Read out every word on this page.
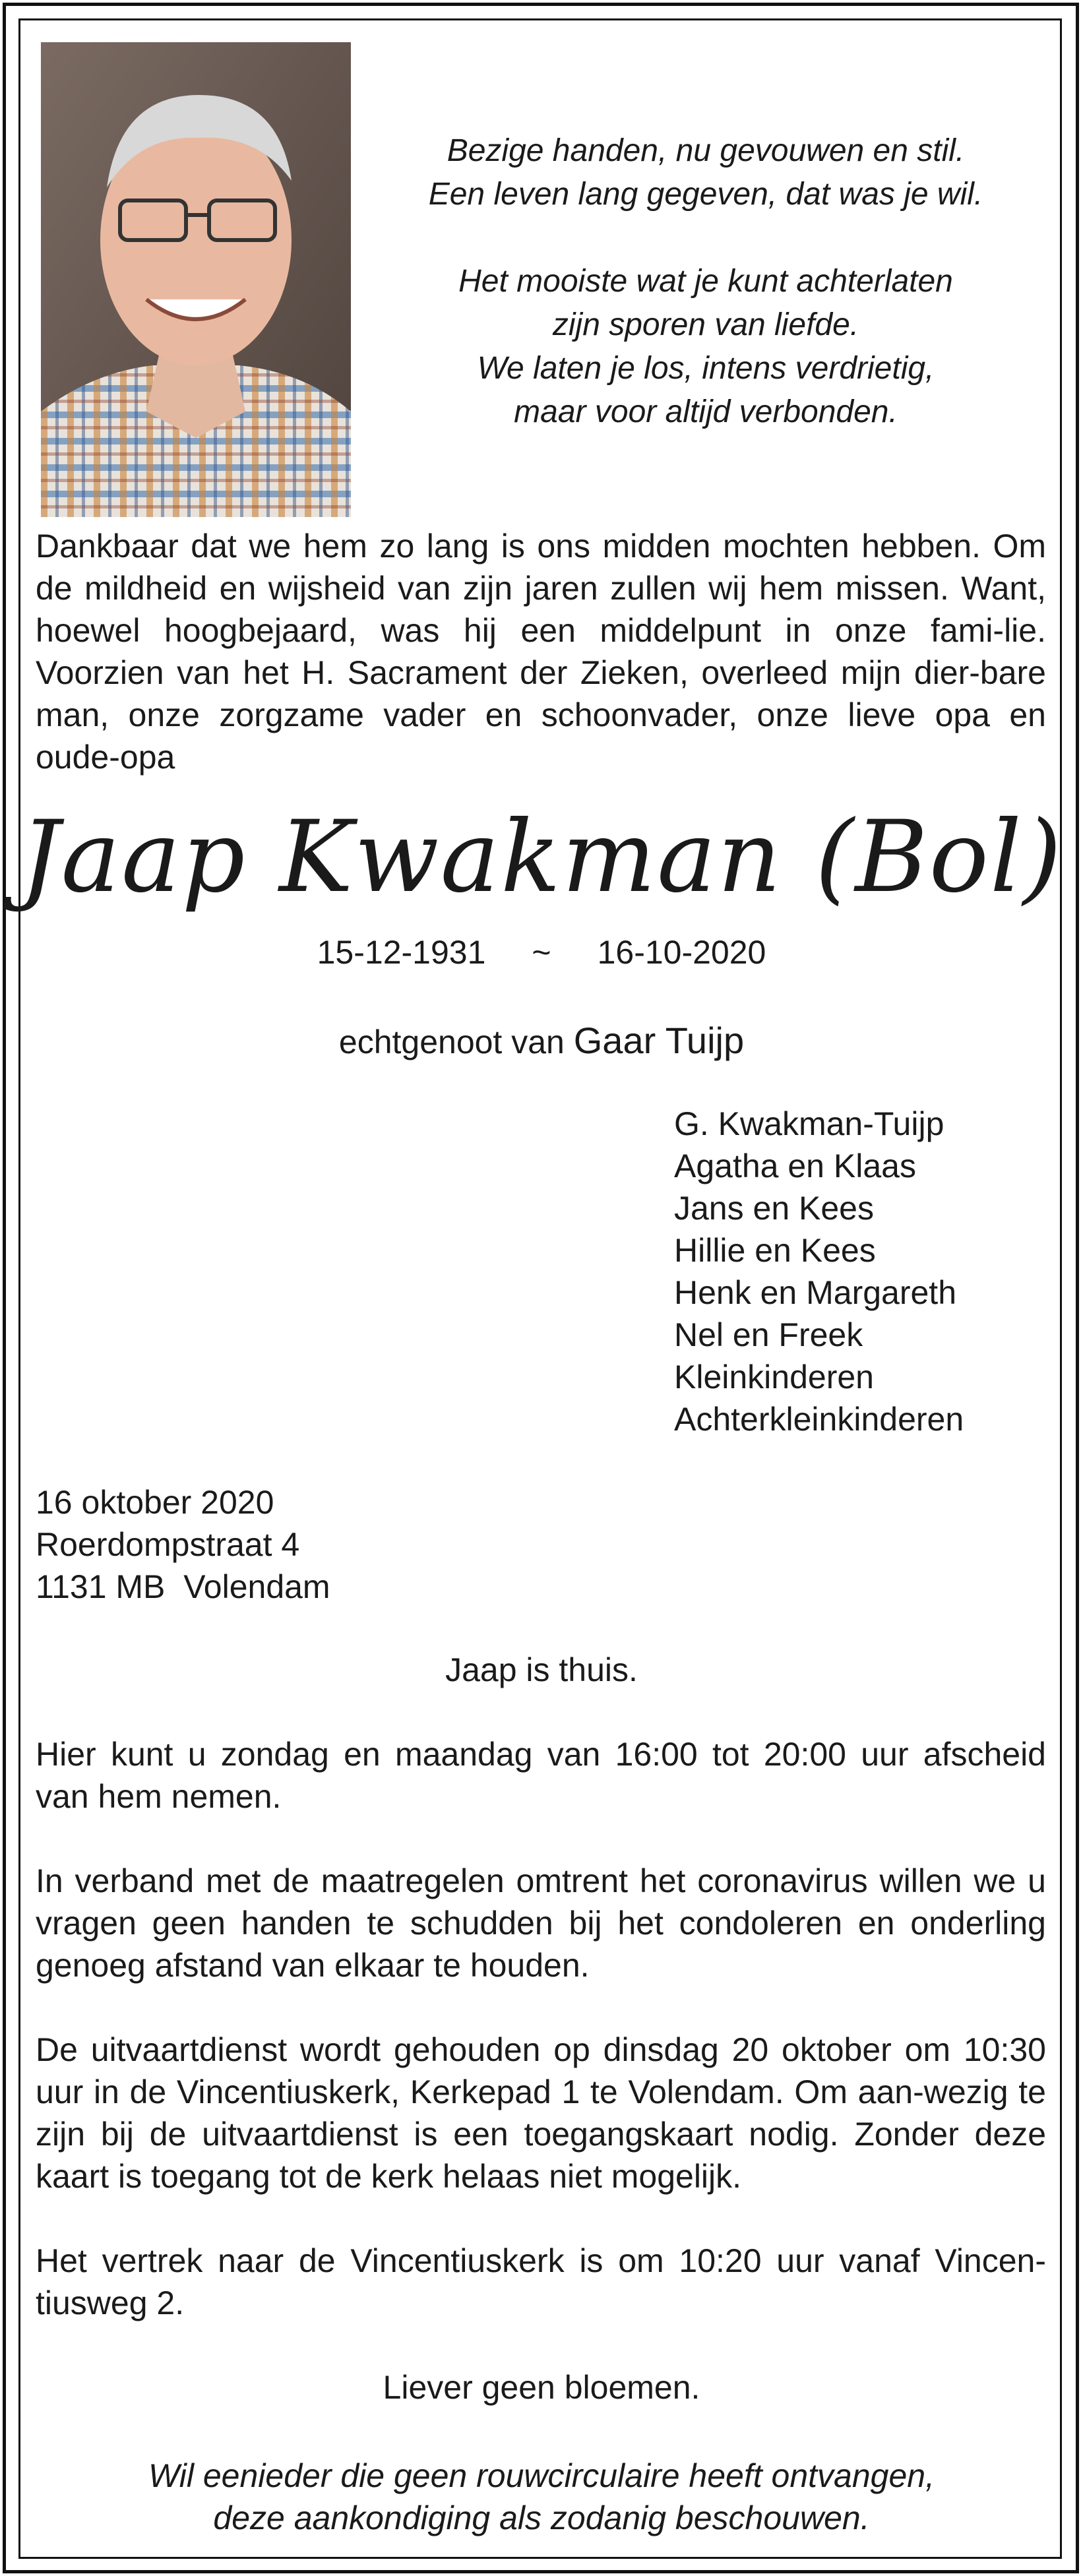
Bezige handen, nu gevouwen en stil.

Een leven lang gegeven, dat was je wil.

Het mooiste wat je kunt achterlaten

zijn sporen van liefde.

We laten je los, intens verdrietig,

maar voor altijd verbonden.

Dankbaar dat we hem zo lang is ons midden mochten hebben. Om de mildheid en wijsheid van zijn jaren zullen wij hem missen. Want, hoewel hoogbejaard, was hij een middelpunt in onze fami-lie. Voorzien van het H. Sacrament der Zieken, overleed mijn dier-bare man, onze zorgzame vader en schoonvader, onze lieve opa en oude-opa
Jaap Kwakman (Bol)
15-12-1931 ~ 16-10-2020
echtgenoot van Gaar Tuijp
G. Kwakman-Tuijp
Agatha en Klaas
Jans en Kees
Hillie en Kees
Henk en Margareth
Nel en Freek
Kleinkinderen
Achterkleinkinderen
16 oktober 2020
Roerdompstraat 4
1131 MB  Volendam
Jaap is thuis.
Hier kunt u zondag en maandag van 16:00 tot 20:00 uur afscheid van hem nemen.
In verband met de maatregelen omtrent het coronavirus willen we u vragen geen handen te schudden bij het condoleren en onderling genoeg afstand van elkaar te houden.
De uitvaartdienst wordt gehouden op dinsdag 20 oktober om 10:30 uur in de Vincentiuskerk, Kerkepad 1 te Volendam. Om aan-wezig te zijn bij de uitvaartdienst is een toegangskaart nodig. Zonder deze kaart is toegang tot de kerk helaas niet mogelijk.
Het vertrek naar de Vincentiuskerk is om 10:20 uur vanaf Vincen-tiusweg 2.
Liever geen bloemen.
Wil eenieder die geen rouwcirculaire heeft ontvangen,
deze aankondiging als zodanig beschouwen.
